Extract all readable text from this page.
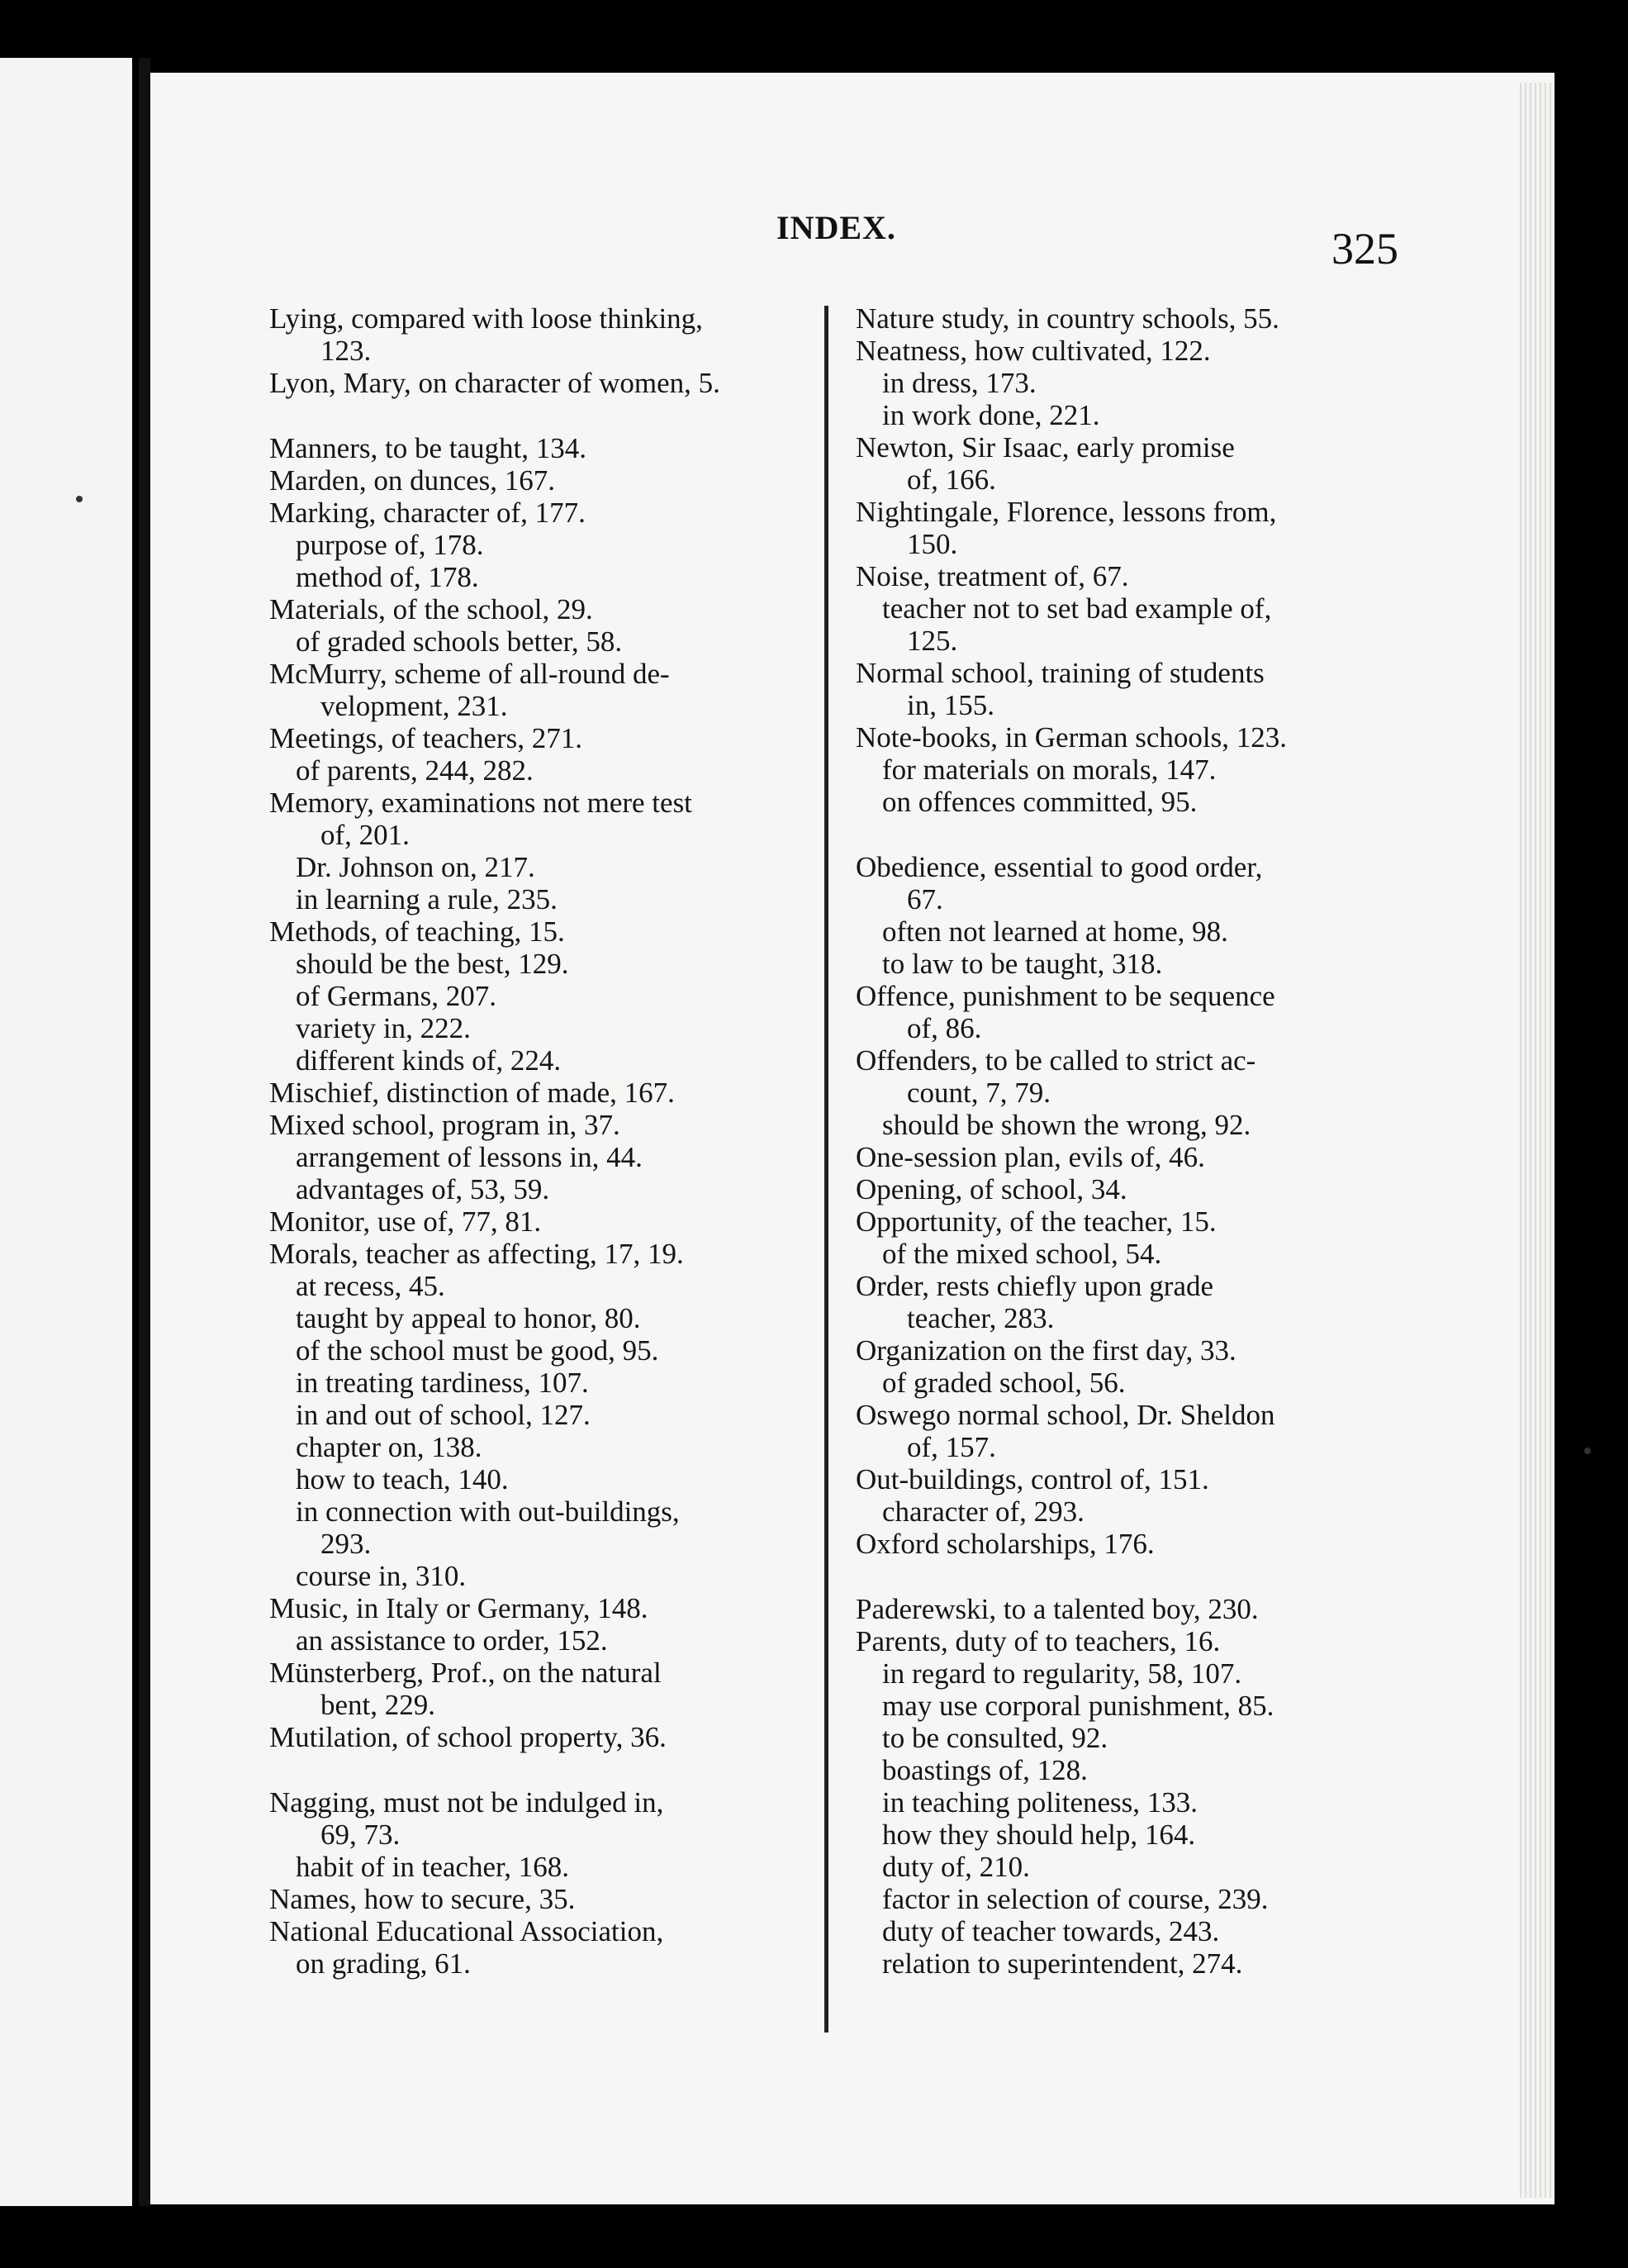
INDEX.	325
Lying, compared with loose thinking,
123.
Lyon, Mary, on character of women, 5.
Manners, to be taught, 134.
Marden, on dunces, 167.
Marking, character of, 177.
purpose of, 178.
method of, 178.
Materials, of the school, 29.
of graded schools better, 58.
McMurry, scheme of all-round de-
velopment, 231.
Meetings, of teachers, 271.
of parents, 244, 282.
Memory, examinations not mere test
of, 201.
Dr. Johnson on, 217.
in learning a rule, 235.
Methods, of teaching, 15.
should be the best, 129.
of Germans, 207.
variety in, 222.
different kinds of, 224.
Mischief, distinction of made, 167.
Mixed school, program in, 37.
arrangement of lessons in, 44.
advantages of, 53, 59.
Monitor, use of, 77, 81.
Morals, teacher as affecting, 17, 19.
at recess, 45.
taught by appeal to honor, 80.
of the school must be good, 95.
in treating tardiness, 107.
in and out of school, 127.
chapter on, 138.
how to teach, 140.
in connection with out-buildings,
293.
course in, 310.
Music, in Italy or Germany, 148.
an assistance to order, 152.
Münsterberg, Prof., on the natural
bent, 229.
Mutilation, of school property, 36.
Nagging, must not be indulged in,
69, 73.
habit of in teacher, 168.
Names, how to secure, 35.
National Educational Association,
on grading, 61.
Nature study, in country schools, 55.
Neatness, how cultivated, 122.
in dress, 173.
in work done, 221.
Newton, Sir Isaac, early promise
of, 166.
Nightingale, Florence, lessons from,
150.
Noise, treatment of, 67.
teacher not to set bad example of,
125.
Normal school, training of students
in, 155.
Note-books, in German schools, 123.
for materials on morals, 147.
on offences committed, 95.
Obedience, essential to good order,
67.
often not learned at home, 98.
to law to be taught, 318.
Offence, punishment to be sequence
of, 86.
Offenders, to be called to strict ac-
count, 7, 79.
should be shown the wrong, 92.
One-session plan, evils of, 46.
Opening, of school, 34.
Opportunity, of the teacher, 15.
of the mixed school, 54.
Order, rests chiefly upon grade
teacher, 283.
Organization on the first day, 33.
of graded school, 56.
Oswego normal school, Dr. Sheldon
of, 157.
Out-buildings, control of, 151.
character of, 293.
Oxford scholarships, 176.
Paderewski, to a talented boy, 230.
Parents, duty of to teachers, 16.
in regard to regularity, 58, 107.
may use corporal punishment, 85.
to be consulted, 92.
boastings of, 128.
in teaching politeness, 133.
how they should help, 164.
duty of, 210.
factor in selection of course, 239.
duty of teacher towards, 243.
relation to superintendent, 274.
